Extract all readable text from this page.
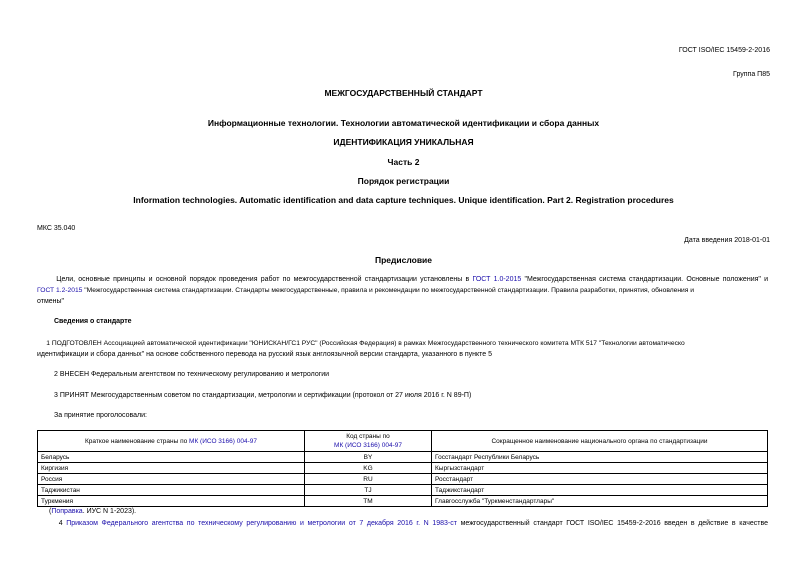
ГОСТ ISO/IEC 15459-2-2016
Группа П85
МЕЖГОСУДАРСТВЕННЫЙ СТАНДАРТ
Информационные технологии. Технологии автоматической идентификации и сбора данных
ИДЕНТИФИКАЦИЯ УНИКАЛЬНАЯ
Часть 2
Порядок регистрации
Information technologies. Automatic identification and data capture techniques. Unique identification. Part 2. Registration procedures
МКС 35.040
Дата введения 2018-01-01
Предисловие
Цели, основные принципы и основной порядок проведения работ по межгосударственной стандартизации установлены в ГОСТ 1.0-2015 "Межгосударственная система стандартизации. Основные положения" и
ГОСТ 1.2-2015 "Межгосударственная система стандартизации. Стандарты межгосударственные, правила и рекомендации по межгосударственной стандартизации. Правила разработки, принятия, обновления и
отмены"
Сведения о стандарте
1 ПОДГОТОВЛЕН Ассоциацией автоматической идентификации "ЮНИСКАН/ГС1 РУС" (Российская Федерация) в рамках Межгосударственного технического комитета МТК 517 "Технологии автоматическо
идентификации и сбора данных" на основе собственного перевода на русский язык англоязычной версии стандарта, указанного в пункте 5
2 ВНЕСЕН Федеральным агентством по техническому регулированию и метрологии
3 ПРИНЯТ Межгосударственным советом по стандартизации, метрологии и сертификации (протокол от 27 июля 2016 г. N 89-П)
За принятие проголосовали:
Краткое наименование страны по МК (ИСО 3166) 004-97	Код страны по
МК (ИСО 3166) 004-97	Сокращенное наименование национального органа по стандартизации
Беларусь	BY	Госстандарт Республики Беларусь
Киргизия	KG	Кыргызстандарт
Россия	RU	Росстандарт
Таджикистан	TJ	Таджикстандарт
Туркмения	TM	Главгосслужба "Туркменстандартлары"
(Поправка. ИУС N 1-2023).
4 Приказом Федерального агентства по техническому регулированию и метрологии от 7 декабря 2016 г. N 1983-ст межгосударственный стандарт ГОСТ ISO/IEC 15459-2-2016 введен в действие в качестве
